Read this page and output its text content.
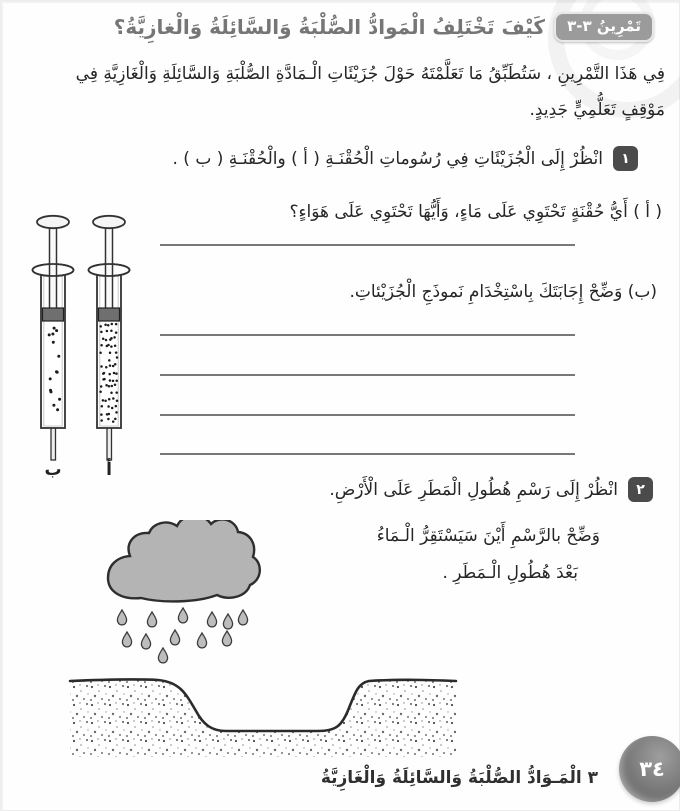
تَمْرِينُ ٣-٣
كَيْفَ تَخْتَلِفُ الْمَوادُّ الصُّلْبَةُ وَالسَّائِلَةُ وَالْغازِيَّةُ؟
فِي هَذَا التَّمْرِينِ ، سَتُطَبِّقُ مَا تَعَلَّمْتَهُ حَوْلَ جُزَيْئَاتِ الْـمَادَّةِ الصُّلْبَةِ وَالسَّائِلَةِ وَالْغَازِيَّةِ فِي
مَوْقِفٍ تَعَلُّمِيٍّ جَدِيدٍ.
١
انْظُرْ إِلَى الْجُزَيْئَاتِ فِي رُسُوماتِ الْحُقْنَـةِ ( أ ) والْحُقْنَـةِ ( ب ) .
( أ ) أَيُّ حُقْنَةٍ تَحْتَوِي عَلَى مَاءٍ، وَأَيُّهَا تَحْتَوِي عَلَى هَوَاءٍ؟
(ب) وَضِّحْ إِجَابَتَكَ بِاسْتِخْدَامِ نَموذَجِ الْجُزَيْئاتِ.
ب	أ
٢
انْظُرْ إِلَى رَسْمِ هُطُولِ الْمَطَرِ عَلَى الْأَرْضِ.
وَضِّحْ بالرَّسْمِ أَيْنَ سَيَسْتَقِرُّ الْـمَاءُ
بَعْدَ هُطُولِ الْـمَطَرِ .
٣ الْمَـوَادُّ الصُّلْبَةُ وَالسَّائِلَةُ وَالْغَازِيَّةُ	٣٤
